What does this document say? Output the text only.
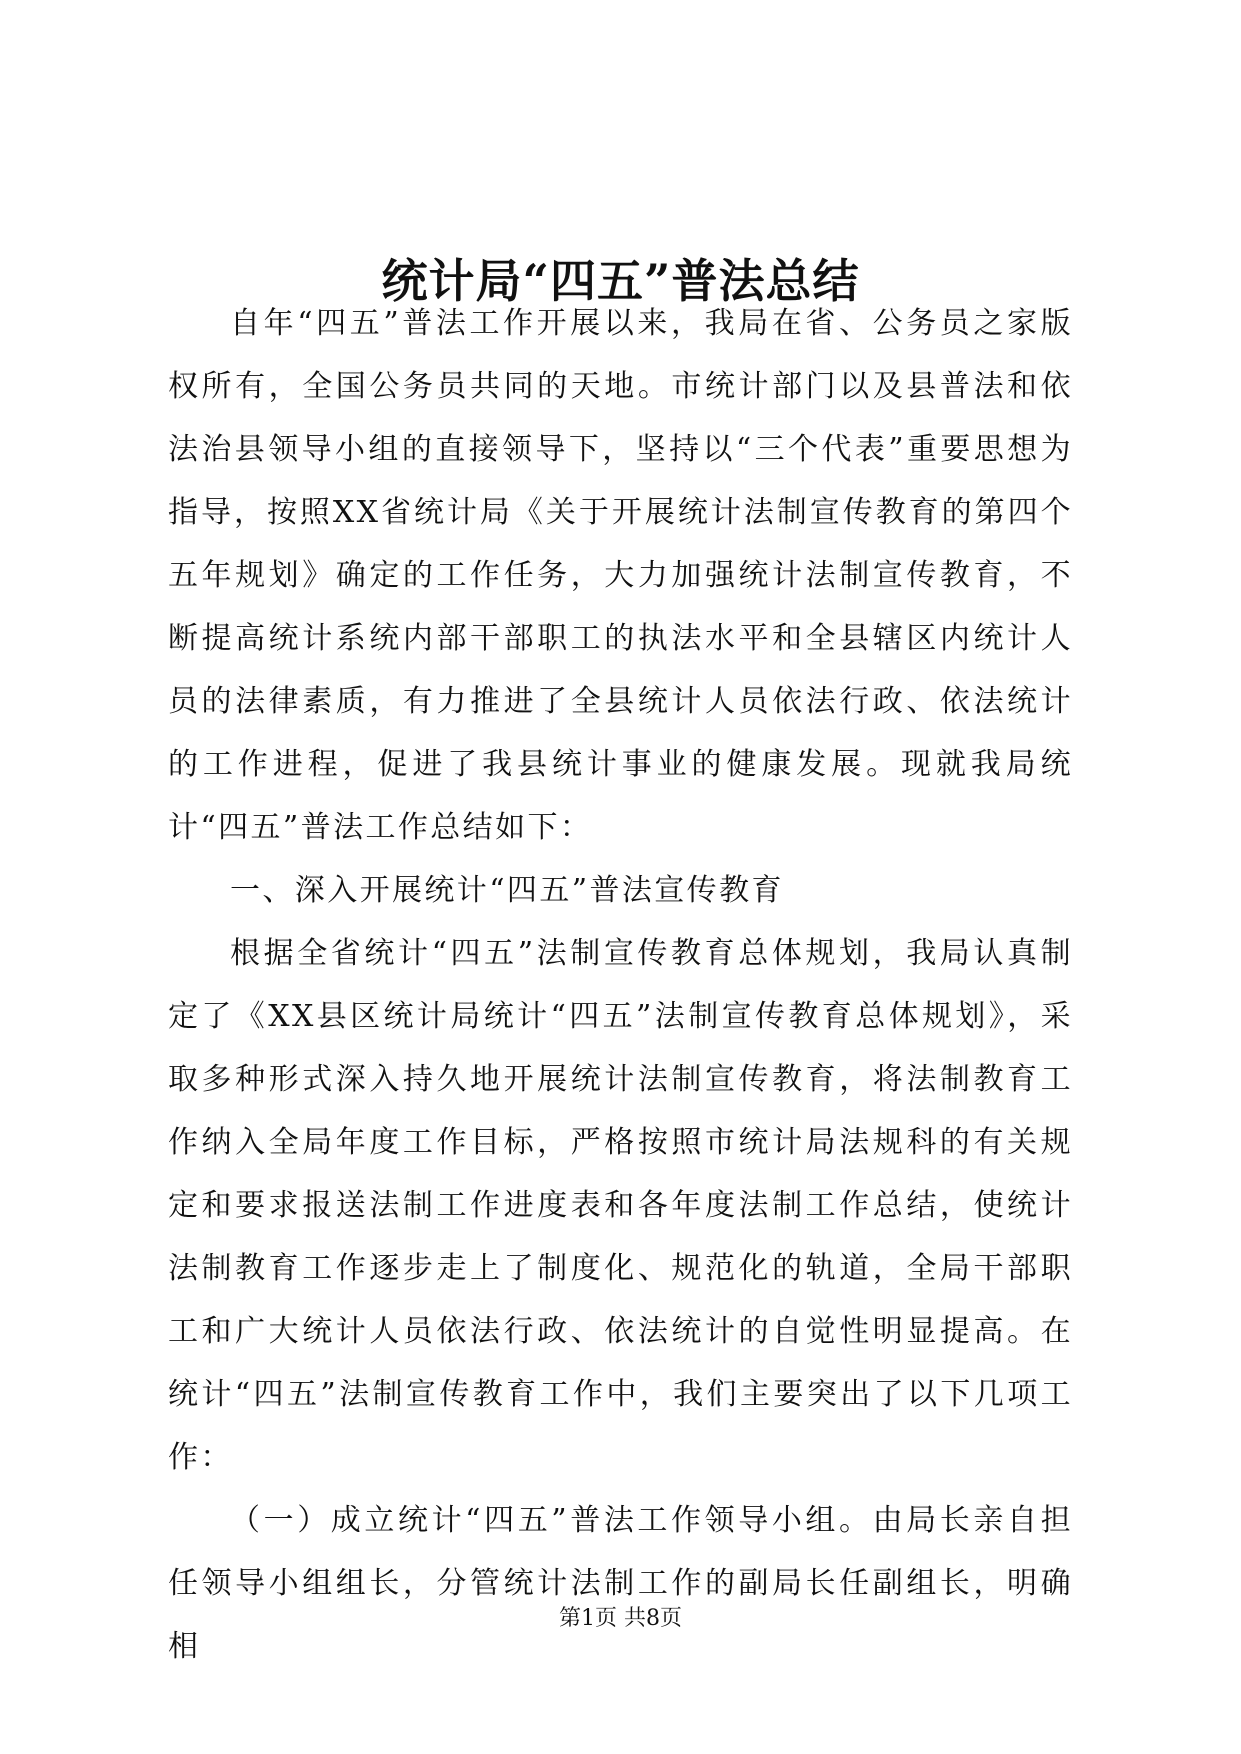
统计局“四五”普法总结

自年“四五”普法工作开展以来，我局在省、公务员之家版权所有，全国公务员共同的天地。市统计部门以及县普法和依法治县领导小组的直接领导下，坚持以“三个代表”重要思想为指导，按照XX省统计局《关于开展统计法制宣传教育的第四个五年规划》确定的工作任务，大力加强统计法制宣传教育，不断提高统计系统内部干部职工的执法水平和全县辖区内统计人员的法律素质，有力推进了全县统计人员依法行政、依法统计的工作进程，促进了我县统计事业的健康发展。现就我局统计“四五”普法工作总结如下：

一、深入开展统计“四五”普法宣传教育

根据全省统计“四五”法制宣传教育总体规划，我局认真制定了《XX县区统计局统计“四五”法制宣传教育总体规划》，采取多种形式深入持久地开展统计法制宣传教育，将法制教育工作纳入全局年度工作目标，严格按照市统计局法规科的有关规定和要求报送法制工作进度表和各年度法制工作总结，使统计法制教育工作逐步走上了制度化、规范化的轨道，全局干部职工和广大统计人员依法行政、依法统计的自觉性明显提高。在统计“四五”法制宣传教育工作中，我们主要突出了以下几项工作：

（一）成立统计“四五”普法工作领导小组。由局长亲自担任领导小组组长，分管统计法制工作的副局长任副组长，明确相

第1页 共8页
